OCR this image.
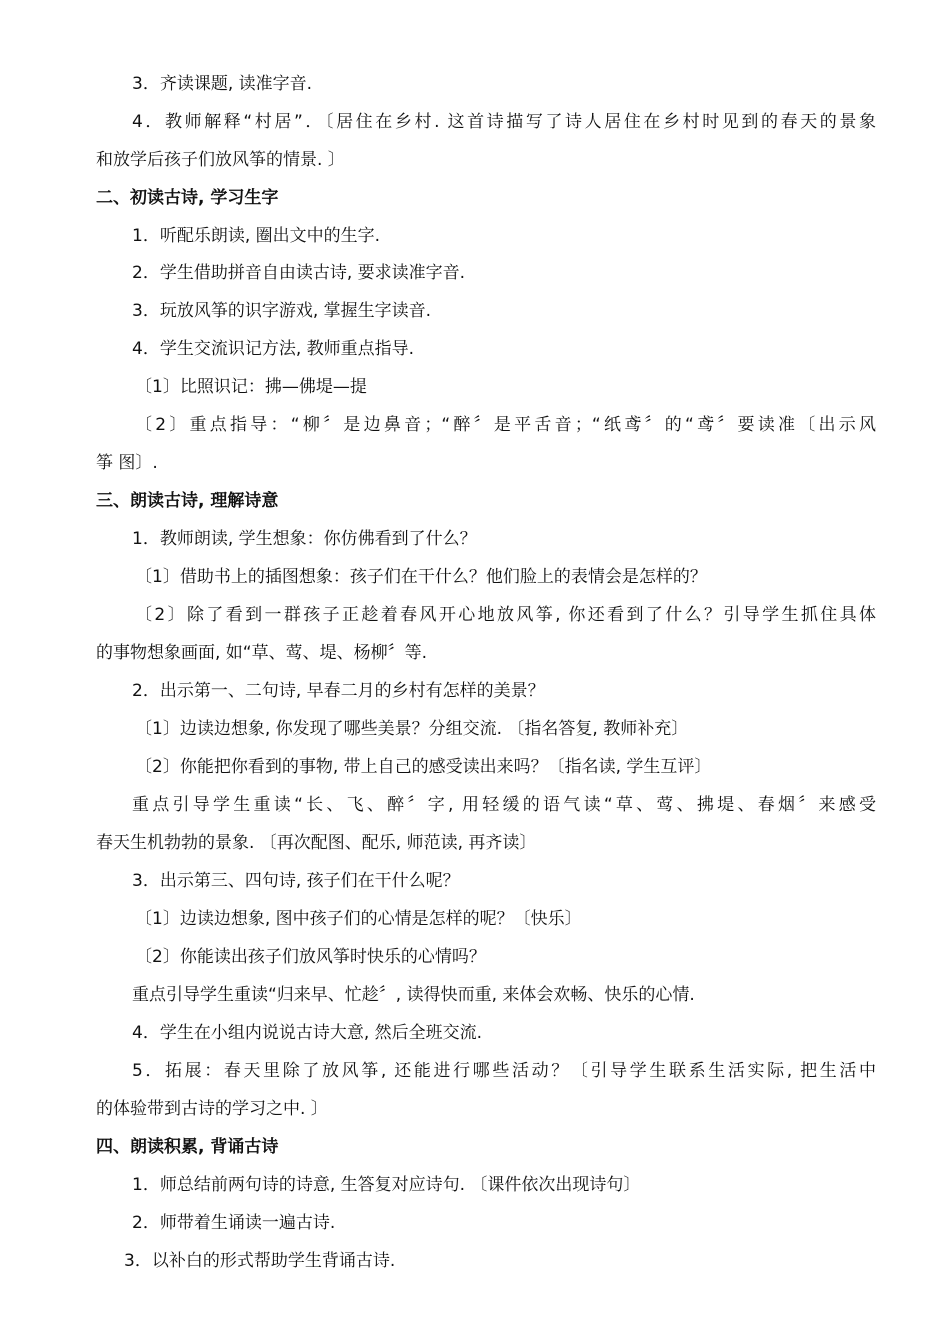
3．齐读课题, 读准字音.
4．教师解释“村居”．〔居住在乡村. 这首诗描写了诗人居住在乡村时见到的春天的景象
和放学后孩子们放风筝的情景. 〕
二、初读古诗, 学习生字
1．听配乐朗读, 圈出文中的生字.
2．学生借助拼音自由读古诗, 要求读准字音.
3．玩放风筝的识字游戏, 掌握生字读音.
4．学生交流识记方法, 教师重点指导.
〔1〕比照识记：拂—佛堤—提
〔2〕重点指导：“柳〞是边鼻音；“醉〞是平舌音；“纸鸢〞的“鸢〞要读准〔出示风
筝 图〕.
三、朗读古诗, 理解诗意
1．教师朗读, 学生想象：你仿佛看到了什么？
〔1〕借助书上的插图想象：孩子们在干什么？他们脸上的表情会是怎样的？
〔2〕除了看到一群孩子正趁着春风开心地放风筝, 你还看到了什么？引导学生抓住具体
的事物想象画面, 如“草、莺、堤、杨柳〞等.
2．出示第一、二句诗, 早春二月的乡村有怎样的美景？
〔1〕边读边想象, 你发现了哪些美景？分组交流. 〔指名答复, 教师补充〕
〔2〕你能把你看到的事物, 带上自己的感受读出来吗？〔指名读, 学生互评〕
重点引导学生重读“长、飞、醉〞字, 用轻缓的语气读“草、莺、拂堤、春烟〞来感受
春天生机勃勃的景象. 〔再次配图、配乐, 师范读, 再齐读〕
3．出示第三、四句诗, 孩子们在干什么呢？
〔1〕边读边想象, 图中孩子们的心情是怎样的呢？〔快乐〕
〔2〕你能读出孩子们放风筝时快乐的心情吗？
重点引导学生重读“归来早、忙趁〞, 读得快而重, 来体会欢畅、快乐的心情.
4．学生在小组内说说古诗大意, 然后全班交流.
5．拓展：春天里除了放风筝, 还能进行哪些活动？〔引导学生联系生活实际, 把生活中
的体验带到古诗的学习之中. 〕
四、朗读积累, 背诵古诗
1．师总结前两句诗的诗意, 生答复对应诗句. 〔课件依次出现诗句〕
2．师带着生诵读一遍古诗.
3．以补白的形式帮助学生背诵古诗.
